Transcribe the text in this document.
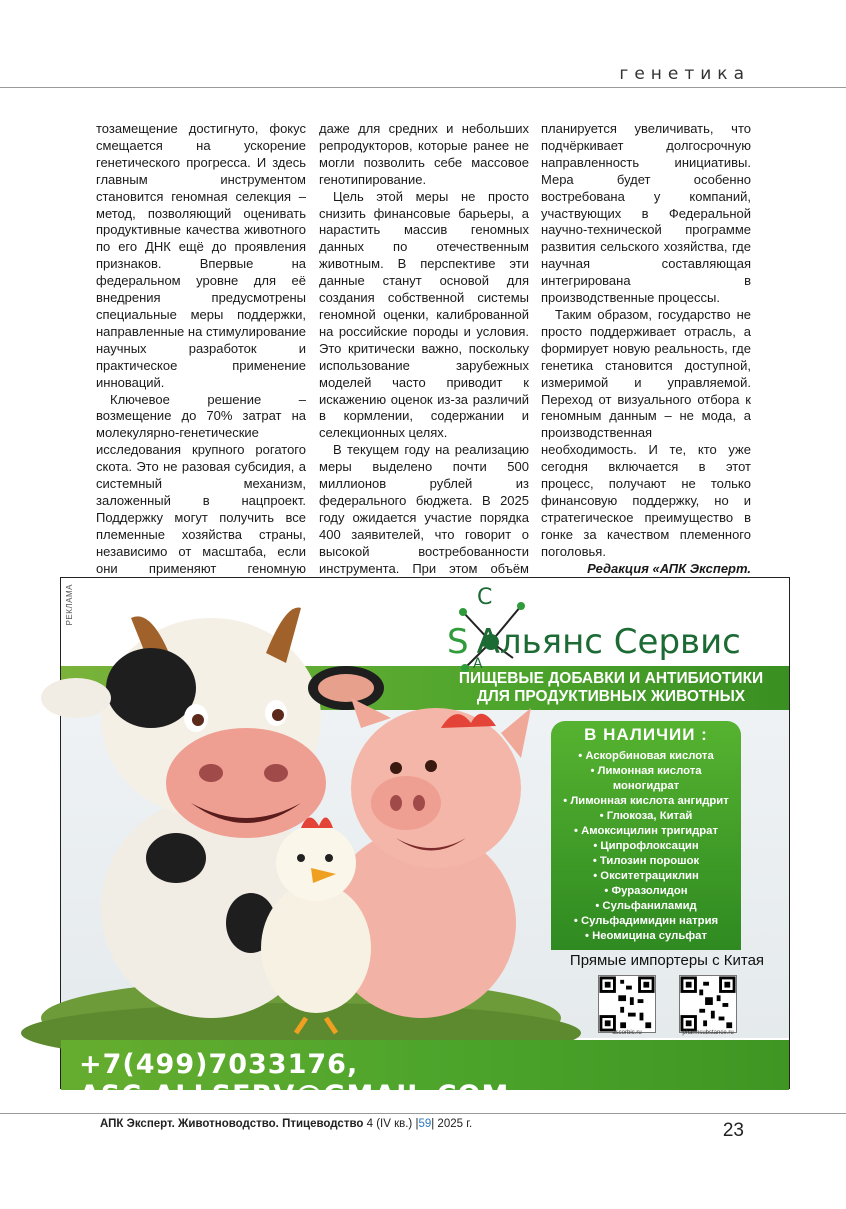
генетика

тозамещение достигнуто, фокус смещается на ускорение генетического прогресса. И здесь главным инструментом становится геномная селекция – метод, позволяющий оценивать продуктивные качества животного по его ДНК ещё до проявления признаков. Впервые на федеральном уровне для её внедрения предусмотрены специальные меры поддержки, направленные на стимулирование научных разработок и практическое применение инноваций.

Ключевое решение – возмещение до 70% затрат на молекулярно-генетические исследования крупного рогатого скота. Это не разовая субсидия, а системный механизм, заложенный в нацпроект. Поддержку могут получить все племенные хозяйства страны, независимо от масштаба, если они применяют геномную

даже для средних и небольших репродукторов, которые ранее не могли позволить себе массовое генотипирование.

Цель этой меры не просто снизить финансовые барьеры, а нарастить массив геномных данных по отечественным животным. В перспективе эти данные станут основой для создания собственной системы геномной оценки, калиброванной на российские породы и условия. Это критически важно, поскольку использование зарубежных моделей часто приводит к искажению оценок из-за различий в кормлении, содержании и селекционных целях.

В текущем году на реализацию меры выделено почти 500 миллионов рублей из федерального бюджета. В 2025 году ожидается участие порядка 400 заявителей, что говорит о высокой востребованности инструмента. При этом объём

планируется увеличивать, что подчёркивает долгосрочную направленность инициативы. Мера будет особенно востребована у компаний, участвующих в Федеральной научно-технической программе развития сельского хозяйства, где научная составляющая интегрирована в производственные процессы.

Таким образом, государство не просто поддерживает отрасль, а формирует новую реальность, где генетика становится доступной, измеримой и управляемой. Переход от визуального отбора к геномным данным – не мода, а производственная необходимость. И те, кто уже сегодня включается в этот процесс, получают не только финансовую поддержку, но и стратегическое преимущество в гонке за качеством племенного поголовья.

Редакция «АПК Эксперт.

C
A
S Альянс Сервис
ПИЩЕВЫЕ ДОБАВКИ И АНТИБИОТИКИ
ДЛЯ ПРОДУКТИВНЫХ ЖИВОТНЫХ
В НАЛИЧИИ :
• Аскорбиновая кислота
• Лимонная кислота
моногидрат
• Лимонная кислота ангидрит
• Глюкоза, Китай
• Амоксицилин тригидрат
• Ципрофлоксацин
• Тилозин порошок
• Окситетрациклин
• Фуразолидон
• Сульфаниламид
• Сульфадимидин натрия
• Неомицина сульфат
Прямые импортеры с Китая
ascorbic.ru	pharmsubstance.ru
+7(499)7033176, ASC.ALLSERV@GMAIL.COM
РЕКЛАМА
АПК Эксперт. Животноводство. Птицеводство 4 (IV кв.) |59| 2025 г.	23
